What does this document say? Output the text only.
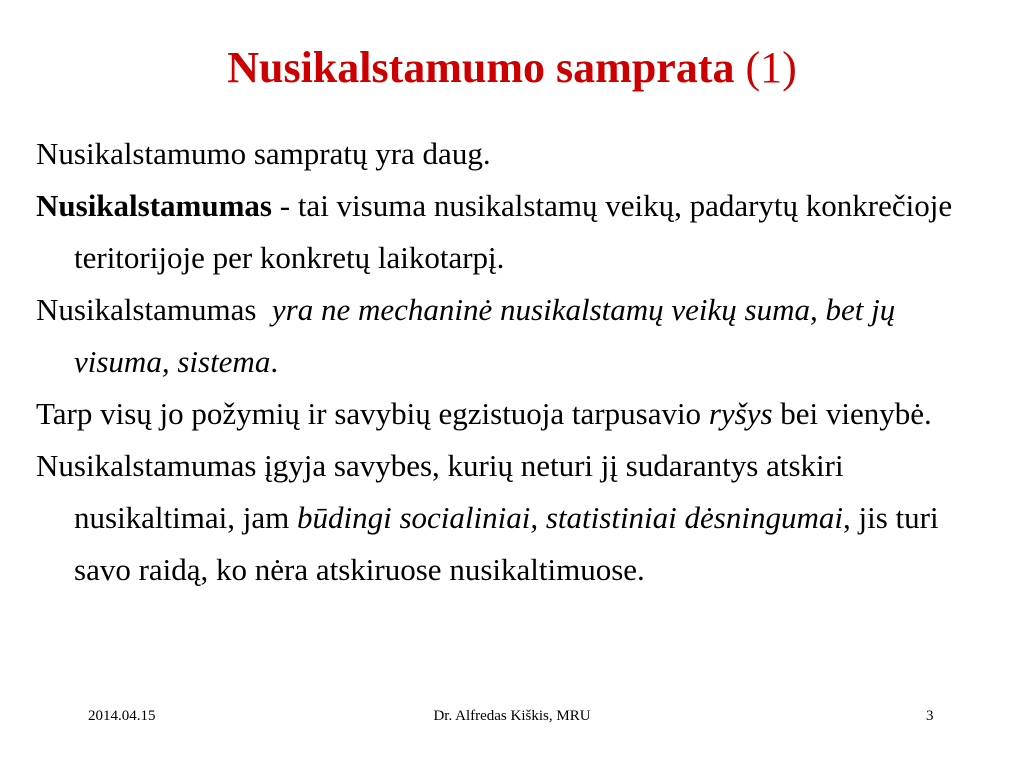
Nusikalstamumo samprata (1)

Nusikalstamumo sampratų yra daug.

Nusikalstamumas - tai visuma nusikalstamų veikų, padarytų konkrečioje teritorijoje per konkretų laikotarpį.

Nusikalstamumas  yra ne mechaninė nusikalstamų veikų suma, bet jų visuma, sistema.

Tarp visų jo požymių ir savybių egzistuoja tarpusavio ryšys bei vienybė.

Nusikalstamumas įgyja savybes, kurių neturi jį sudarantys atskiri nusikaltimai, jam būdingi socialiniai, statistiniai dėsningumai, jis turi savo raidą, ko nėra atskiruose nusikaltimuose.

2014.04.15	Dr. Alfredas Kiškis, MRU	3
